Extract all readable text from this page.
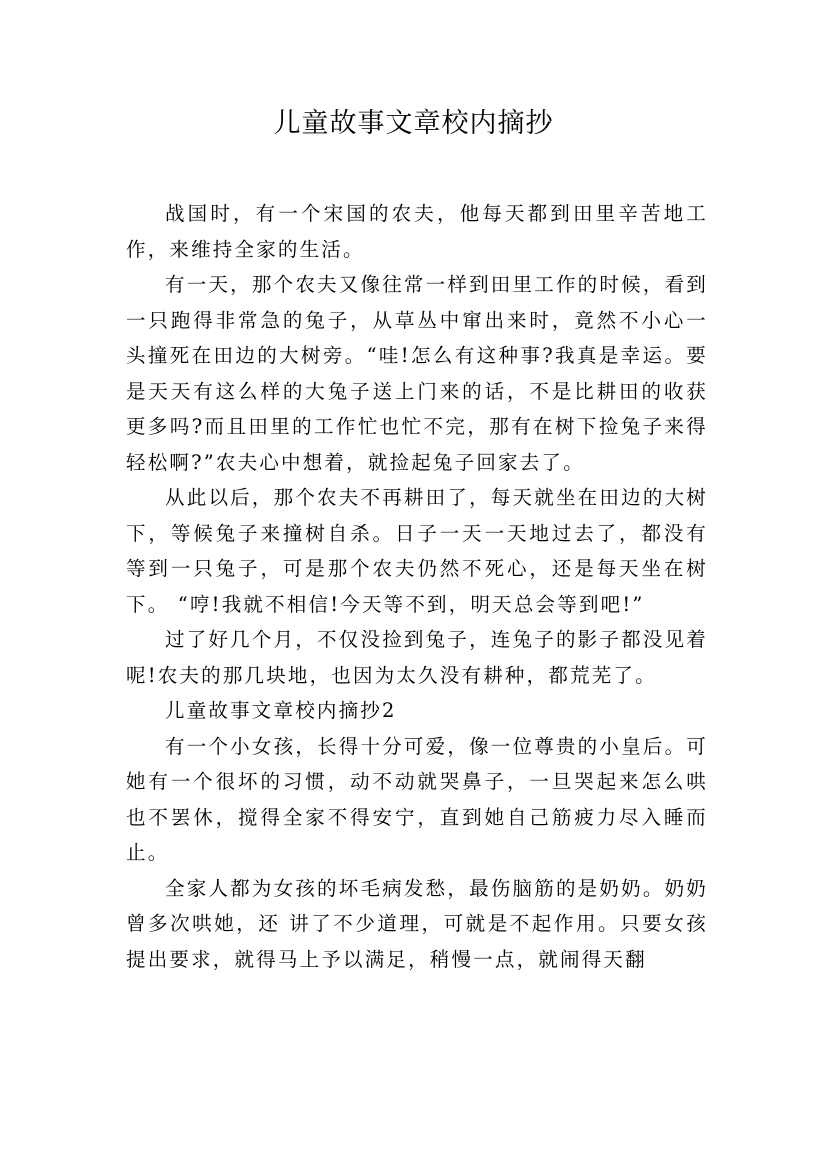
儿童故事文章校内摘抄

战国时，有一个宋国的农夫，他每天都到田里辛苦地工作，来维持全家的生活。

有一天，那个农夫又像往常一样到田里工作的时候，看到一只跑得非常急的兔子，从草丛中窜出来时，竟然不小心一头撞死在田边的大树旁。“哇!怎么有这种事?我真是幸运。要是天天有这么样的大兔子送上门来的话，不是比耕田的收获更多吗?而且田里的工作忙也忙不完，那有在树下捡兔子来得轻松啊?”农夫心中想着，就捡起兔子回家去了。

从此以后，那个农夫不再耕田了，每天就坐在田边的大树下，等候兔子来撞树自杀。日子一天一天地过去了，都没有等到一只兔子，可是那个农夫仍然不死心，还是每天坐在树下。 “哼!我就不相信!今天等不到，明天总会等到吧!”

过了好几个月，不仅没捡到兔子，连兔子的影子都没见着呢!农夫的那几块地，也因为太久没有耕种，都荒芜了。

儿童故事文章校内摘抄2

有一个小女孩，长得十分可爱，像一位尊贵的小皇后。可她有一个很坏的习惯，动不动就哭鼻子，一旦哭起来怎么哄也不罢休，搅得全家不得安宁，直到她自己筋疲力尽入睡而止。

全家人都为女孩的坏毛病发愁，最伤脑筋的是奶奶。奶奶曾多次哄她，还 讲了不少道理，可就是不起作用。只要女孩提出要求，就得马上予以满足，稍慢一点，就闹得天翻
